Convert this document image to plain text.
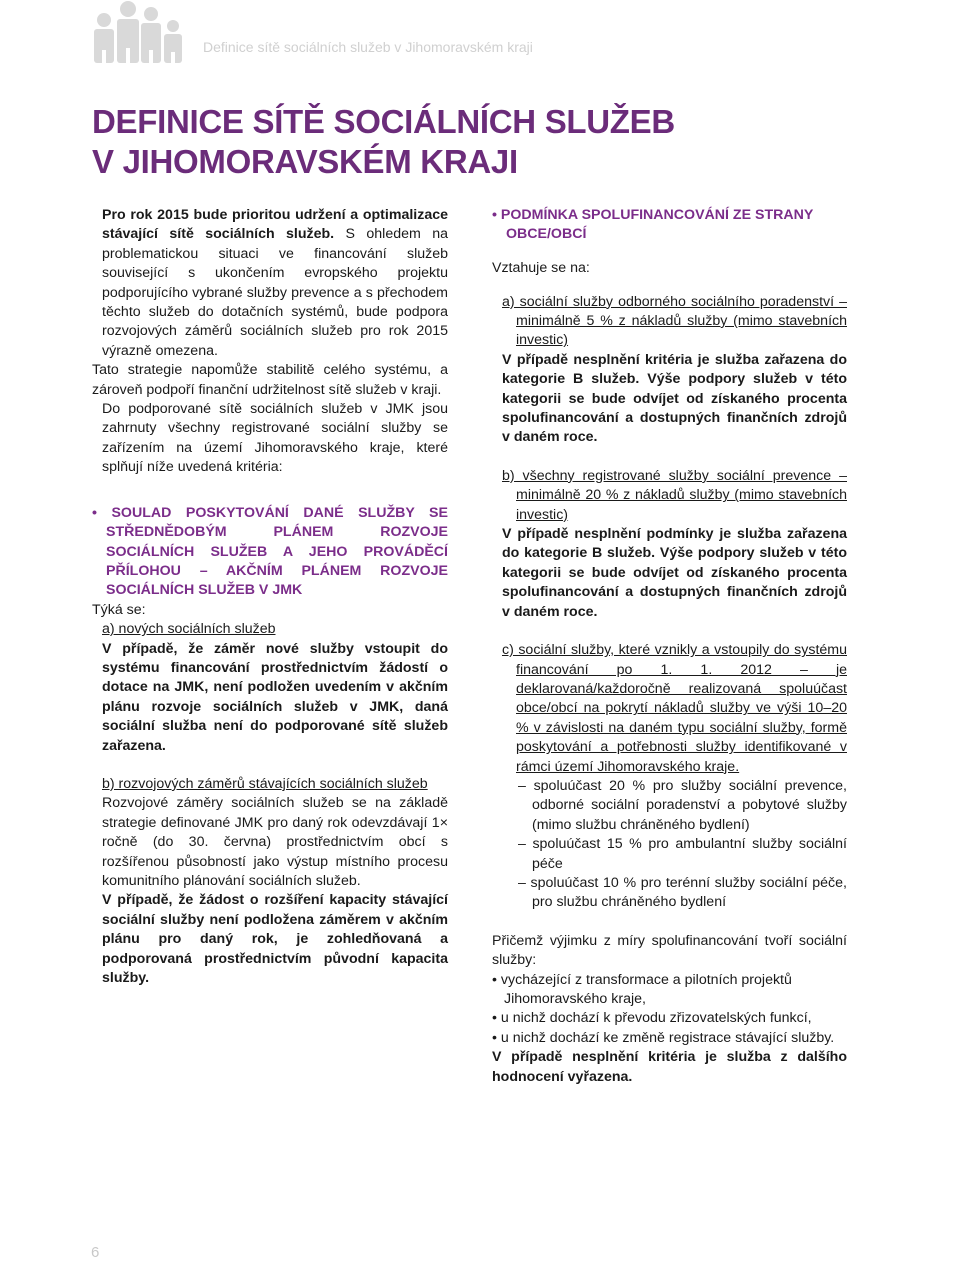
Definice sítě sociálních služeb v Jihomoravském kraji
DEFINICE SÍTĚ SOCIÁLNÍCH SLUŽEB
V JIHOMORAVSKÉM KRAJI

Pro rok 2015 bude prioritou udržení a optimalizace stávající sítě sociálních služeb. S ohledem na problematickou situaci ve financování služeb související s ukončením evropského projektu podporujícího vybrané služby prevence a s přechodem těchto služeb do dotačních systémů, bude podpora rozvojových záměrů sociálních služeb pro rok 2015 výrazně omezena.

Tato strategie napomůže stabilitě celého systému, a zároveň podpoří finanční udržitelnost sítě služeb v kraji.

Do podporované sítě sociálních služeb v JMK jsou zahrnuty všechny registrované sociální služby se zařízením na území Jihomoravského kraje, které splňují níže uvedená kritéria:

• SOULAD POSKYTOVÁNÍ DANÉ SLUŽBY SE STŘEDNĚDOBÝM PLÁNEM ROZVOJE SOCIÁLNÍCH SLUŽEB A JEHO PROVÁDĚCÍ PŘÍLOHOU – AKČNÍM PLÁNEM ROZVOJE SOCIÁLNÍCH SLUŽEB V JMK

Týká se:

a) nových sociálních služeb

V případě, že záměr nové služby vstoupit do systému financování prostřednictvím žádostí o dotace na JMK, není podložen uvedením v akčním plánu rozvoje sociálních služeb v JMK, daná sociální služba není do podporované sítě služeb zařazena.

b) rozvojových záměrů stávajících sociálních služeb

Rozvojové záměry sociálních služeb se na základě strategie definované JMK pro daný rok odevzdávají 1× ročně (do 30. června) prostřednictvím obcí s rozšířenou působností jako výstup místního procesu komunitního plánování sociálních služeb.

V případě, že žádost o rozšíření kapacity stávající sociální služby není podložena záměrem v akčním plánu pro daný rok, je zohledňovaná a podporovaná prostřednictvím původní kapacita služby.

• PODMÍNKA SPOLUFINANCOVÁNÍ ZE STRANY OBCE/OBCÍ

Vztahuje se na:

a) sociální služby odborného sociálního poradenství – minimálně 5 % z nákladů služby (mimo stavebních investic)

V případě nesplnění kritéria je služba zařazena do kategorie B služeb. Výše podpory služeb v této kategorii se bude odvíjet od získaného procenta spolufinancování a dostupných finančních zdrojů v daném roce.

b) všechny registrované služby sociální prevence – minimálně 20 % z nákladů služby (mimo stavebních investic)

V případě nesplnění podmínky je služba zařazena do kategorie B služeb. Výše podpory služeb v této kategorii se bude odvíjet od získaného procenta spolufinancování a dostupných finančních zdrojů v daném roce.

c) sociální služby, které vznikly a vstoupily do systému financování po 1. 1. 2012 – je deklarovaná/každoročně realizovaná spoluúčast obce/obcí na pokrytí nákladů služby ve výši 10–20 % v závislosti na daném typu sociální služby, formě poskytování a potřebnosti služby identifikované v rámci území Jihomoravského kraje.

– spoluúčast 20 % pro služby sociální prevence, odborné sociální poradenství a pobytové služby (mimo službu chráněného bydlení)

– spoluúčast 15 % pro ambulantní služby sociální péče

– spoluúčast 10 % pro terénní služby sociální péče, pro službu chráněného bydlení

Přičemž výjimku z míry spolufinancování tvoří sociální služby:

• vycházející z transformace a pilotních projektů Jihomoravského kraje,

• u nichž dochází k převodu zřizovatelských funkcí,

• u nichž dochází ke změně registrace stávající služby.

V případě nesplnění kritéria je služba z dalšího hodnocení vyřazena.

6
